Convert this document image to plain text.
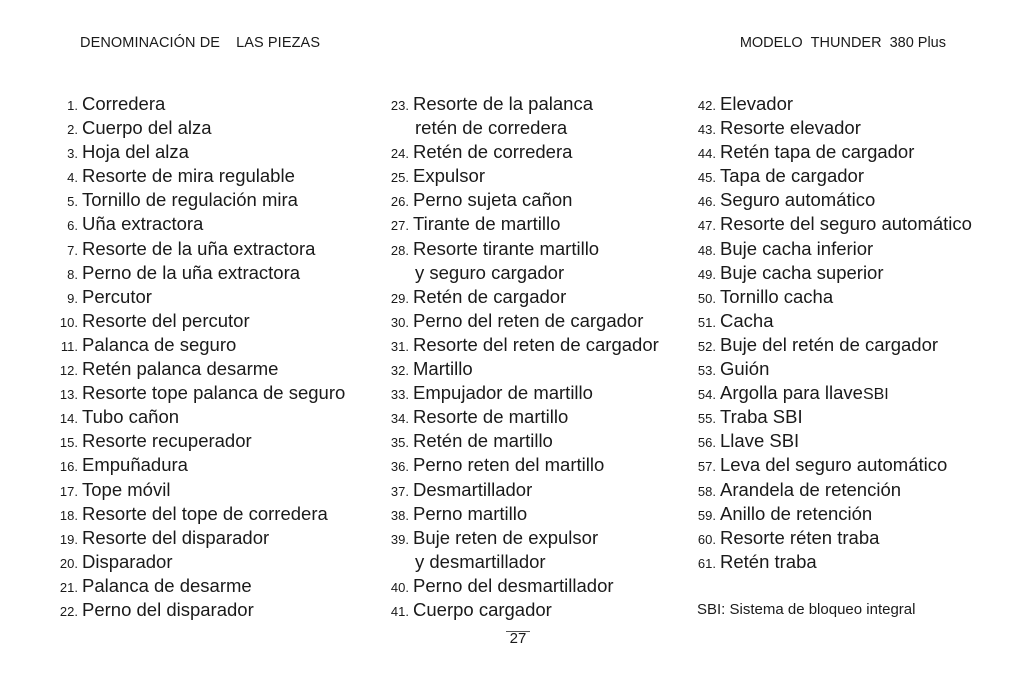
DENOMINACIÓN DE LAS PIEZAS	MODELO THUNDER 380 Plus
1. Corredera
2. Cuerpo del alza
3. Hoja del alza
4. Resorte de mira regulable
5. Tornillo de regulación mira
6. Uña extractora
7. Resorte de la uña extractora
8. Perno de la uña extractora
9. Percutor
10. Resorte del percutor
11. Palanca de seguro
12. Retén palanca desarme
13. Resorte tope palanca de seguro
14. Tubo cañon
15. Resorte recuperador
16. Empuñadura
17. Tope móvil
18. Resorte del tope de corredera
19. Resorte del disparador
20. Disparador
21. Palanca de desarme
22. Perno del disparador
23. Resorte de la palanca
retén de corredera
24. Retén de corredera
25. Expulsor
26. Perno sujeta cañon
27. Tirante de martillo
28. Resorte tirante martillo
y seguro cargador
29. Retén de cargador
30. Perno del reten de cargador
31. Resorte del reten de cargador
32. Martillo
33. Empujador de martillo
34. Resorte de martillo
35. Retén de martillo
36. Perno reten del martillo
37. Desmartillador
38. Perno martillo
39. Buje reten de expulsor
y desmartillador
40. Perno del desmartillador
41. Cuerpo cargador
42. Elevador
43. Resorte elevador
44. Retén tapa de cargador
45. Tapa de cargador
46. Seguro automático
47. Resorte del seguro automático
48. Buje cacha inferior
49. Buje cacha superior
50. Tornillo cacha
51. Cacha
52. Buje del retén de cargador
53. Guión
54. Argolla para llaveSBI
55. Traba SBI
56. Llave SBI
57. Leva del seguro automático
58. Arandela de retención
59. Anillo de retención
60. Resorte réten traba
61. Retén traba
SBI: Sistema de bloqueo integral
27
